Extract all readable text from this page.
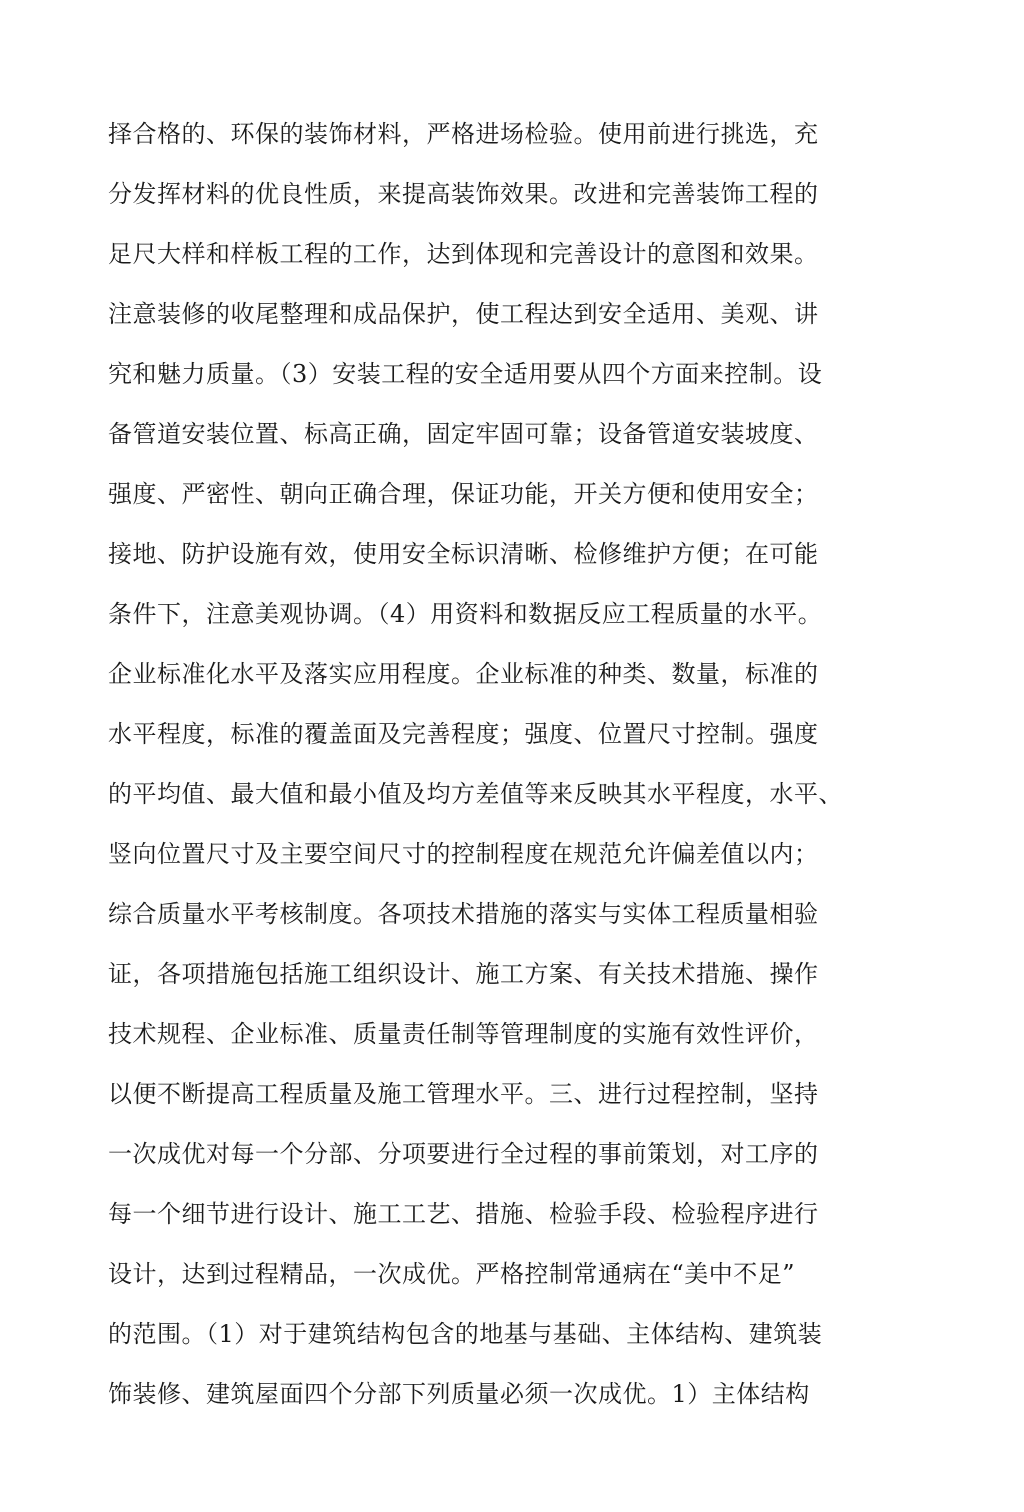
择合格的、环保的装饰材料，严格进场检验。使用前进行挑选，充
分发挥材料的优良性质，来提高装饰效果。改进和完善装饰工程的
足尺大样和样板工程的工作，达到体现和完善设计的意图和效果。
注意装修的收尾整理和成品保护，使工程达到安全适用、美观、讲
究和魅力质量。（3）安装工程的安全适用要从四个方面来控制。设
备管道安装位置、标高正确，固定牢固可靠；设备管道安装坡度、
强度、严密性、朝向正确合理，保证功能，开关方便和使用安全；
接地、防护设施有效，使用安全标识清晰、检修维护方便；在可能
条件下，注意美观协调。（4）用资料和数据反应工程质量的水平。
企业标准化水平及落实应用程度。企业标准的种类、数量，标准的
水平程度，标准的覆盖面及完善程度；强度、位置尺寸控制。强度
的平均值、最大值和最小值及均方差值等来反映其水平程度，水平、
竖向位置尺寸及主要空间尺寸的控制程度在规范允许偏差值以内；
综合质量水平考核制度。各项技术措施的落实与实体工程质量相验
证，各项措施包括施工组织设计、施工方案、有关技术措施、操作
技术规程、企业标准、质量责任制等管理制度的实施有效性评价，
以便不断提高工程质量及施工管理水平。三、进行过程控制，坚持
一次成优对每一个分部、分项要进行全过程的事前策划，对工序的
每一个细节进行设计、施工工艺、措施、检验手段、检验程序进行
设计，达到过程精品，一次成优。严格控制常通病在“美中不足”
的范围。（1）对于建筑结构包含的地基与基础、主体结构、建筑装
饰装修、建筑屋面四个分部下列质量必须一次成优。1）主体结构
